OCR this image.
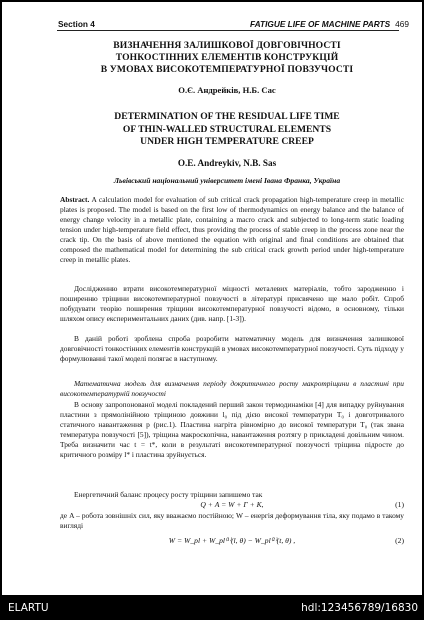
Section 4	FATIGUE LIFE OF MACHINE PARTS 469
ВИЗНАЧЕННЯ ЗАЛИШКОВОЇ ДОВГОВІЧНОСТІ
ТОНКОСТІННИХ ЕЛЕМЕНТІВ КОНСТРУКЦІЙ
В УМОВАХ ВИСОКОТЕМПЕРАТУРНОЇ ПОВЗУЧОСТІ
О.Є. Андрейків, Н.Б. Сас
DETERMINATION OF THE RESIDUAL LIFE TIME
OF THIN-WALLED STRUCTURAL ELEMENTS
UNDER HIGH TEMPERATURE CREEP
O.E. Andreykiv, N.B. Sas
Львівський національний університет імені Івана Франка, Україна

Abstract. A calculation model for evaluation of sub critical crack propagation high-temperature creep in metallic plates is proposed. The model is based on the first low of thermodynamics on energy balance and the balance of energy change velocity in a metallic plate, containing a macro crack and subjected to long-term static loading tension under high-temperature field effect, thus providing the process of stable creep in the process zone near the crack tip. On the basis of above mentioned the equation with original and final conditions are obtained that composed the mathematical model for determining the sub critical crack growth period under high-temperature creep in metallic plates.

Дослідженню втрати високотемпературної міцності металевих матеріалів, тобто зародженню і поширенню тріщини високотемпературної повзучості в літературі присвячено ще мало робіт. Спроб побудувати теорію поширення тріщини високотемпературної повзучості відомо, в основному, тільки шляхом опису експериментальних даних (див. напр. [1-3]).

В даній роботі зроблена спроба розробити математичну модель для визначення залишкової довговічності тонкостінних елементів конструкцій в умовах високотемпературної повзучості. Суть підходу у формулюванні такої моделі полягає в наступному.

Математична модель для визначення періоду докритичного росту макротріщини в пластині при високотемпературній повзучості

В основу запропонованої моделі покладений перший закон термодинаміки [4] для випадку руйнування пластини з прямолінійною тріщиною довжини l₀ під дією високої температури T₀ і довготривалого статичного навантаження p (рис.1). Пластина нагріта рівномірно до високої температури T₀ (так звана температура повзучості [5]), тріщина макроскопічна, навантаження розтягу p прикладені довільним чином. Треба визначити час t = t*, коли в результаті високотемпературної повзучості тріщина підросте до критичного розміру l* і пластина зруйнується.

Енергетичний баланс процесу росту тріщини запишемо так

Q + A = W + Γ + K,	(1)

де A – робота зовнішніх сил, яку вважаємо постійною; W – енергія деформування тіла, яку подамо в такому вигляді

W = W_pl + W_pl⁽¹⁾(l, θ) − W_pl⁽²⁾(t, θ) ,	(2)
ELARTU	hdl:123456789/16830
